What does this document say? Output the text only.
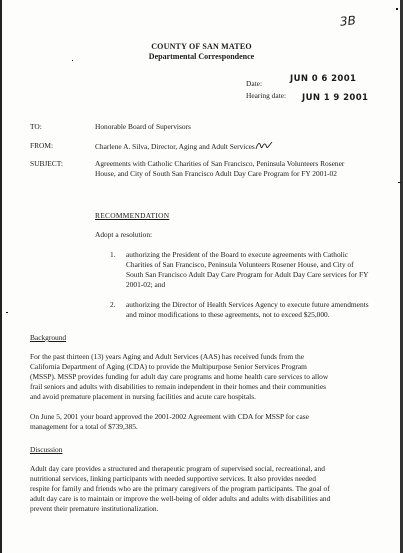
3B
COUNTY OF SAN MATEO
Departmental Correspondence
Date:	JUN 0 6 2001
Hearing date: JUN 1 9 2001
TO:	Honorable Board of Supervisors
FROM:	Charlene A. Silva, Director, Aging and Adult Services
SUBJECT:	Agreements with Catholic Charities of San Francisco, Peninsula Volunteers Rosener
House, and City of South San Francisco Adult Day Care Program for FY 2001-02
RECOMMENDATION
Adopt a resolution:
1. authorizing the President of the Board to execute agreements with Catholic
Charities of San Francisco, Peninsula Volunteers Rosener House, and City of
South San Francisco Adult Day Care Program for Adult Day Care services for FY
2001-02; and
2. authorizing the Director of Health Services Agency to execute future amendments
and minor modifications to these agreements, not to exceed $25,000.
Background
For the past thirteen (13) years Aging and Adult Services (AAS) has received funds from the
California Department of Aging (CDA) to provide the Multipurpose Senior Services Program
(MSSP). MSSP provides funding for adult day care programs and home health care services to allow
frail seniors and adults with disabilities to remain independent in their homes and their communities
and avoid premature placement in nursing facilities and acute care hospitals.
On June 5, 2001 your board approved the 2001-2002 Agreement with CDA for MSSP for case
management for a total of $739,385.
Discussion
Adult day care provides a structured and therapeutic program of supervised social, recreational, and
nutritional services, linking participants with needed supportive services. It also provides needed
respite for family and friends who are the primary caregivers of the program participants. The goal of
adult day care is to maintain or improve the well-being of older adults and adults with disabilities and
prevent their premature institutionalization.
